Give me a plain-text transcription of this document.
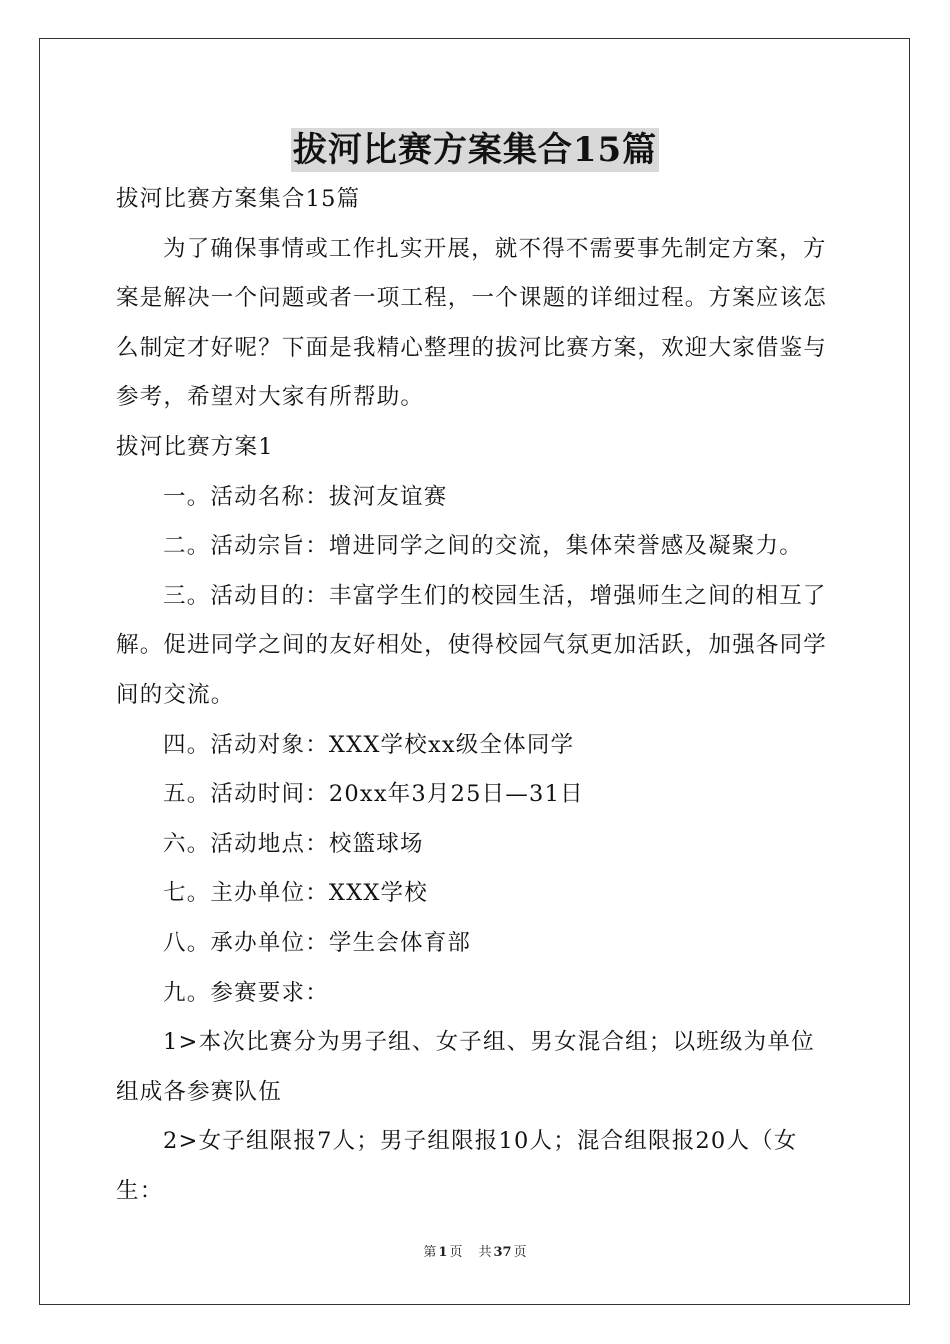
拔河比赛方案集合15篇

拔河比赛方案集合15篇

为了确保事情或工作扎实开展，就不得不需要事先制定方案，方案是解决一个问题或者一项工程，一个课题的详细过程。方案应该怎么制定才好呢？下面是我精心整理的拔河比赛方案，欢迎大家借鉴与参考，希望对大家有所帮助。

拔河比赛方案1

一。活动名称：拔河友谊赛

二。活动宗旨：增进同学之间的交流，集体荣誉感及凝聚力。

三。活动目的：丰富学生们的校园生活，增强师生之间的相互了解。促进同学之间的友好相处，使得校园气氛更加活跃，加强各同学间的交流。

四。活动对象：XXX学校xx级全体同学

五。活动时间：20xx年3月25日—31日

六。活动地点：校篮球场

七。主办单位：XXX学校

八。承办单位：学生会体育部

九。参赛要求：

1>本次比赛分为男子组、女子组、男女混合组；以班级为单位组成各参赛队伍

2>女子组限报7人；男子组限报10人；混合组限报20人（女生：

第 1 页 共 37 页
